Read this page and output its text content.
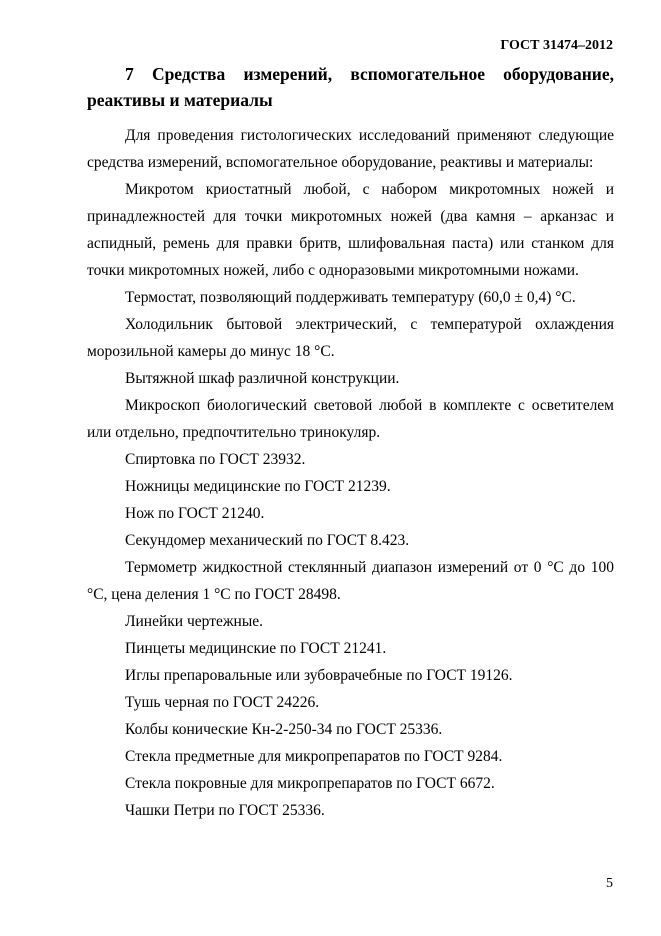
ГОСТ 31474–2012
7 Средства измерений, вспомогательное оборудование,
реактивы и материалы

Для проведения гистологических исследований применяют следующие средства измерений, вспомогательное оборудование, реактивы и материалы:

Микротом криостатный любой, с набором микротомных ножей и принадлежностей для точки микротомных ножей (два камня – арканзас и аспидный, ремень для правки бритв, шлифовальная паста) или станком для точки микротомных ножей, либо с одноразовыми микротомными ножами.

Термостат, позволяющий поддерживать температуру (60,0 ± 0,4) °С.

Холодильник бытовой электрический, с температурой охлаждения морозильной камеры до минус 18 °С.

Вытяжной шкаф различной конструкции.

Микроскоп биологический световой любой в комплекте с осветителем или отдельно, предпочтительно тринокуляр.

Спиртовка по ГОСТ 23932.

Ножницы медицинские по ГОСТ 21239.

Нож по ГОСТ 21240.

Секундомер механический по ГОСТ 8.423.

Термометр жидкостной стеклянный диапазон измерений от 0 °С до 100 °С, цена деления 1 °С по ГОСТ 28498.

Линейки чертежные.

Пинцеты медицинские по ГОСТ 21241.

Иглы препаровальные или зубоврачебные по ГОСТ 19126.

Тушь черная по ГОСТ 24226.

Колбы конические Кн-2-250-34 по ГОСТ 25336.

Стекла предметные для микропрепаратов по ГОСТ 9284.

Стекла покровные для микропрепаратов по ГОСТ 6672.

Чашки Петри по ГОСТ 25336.

5
